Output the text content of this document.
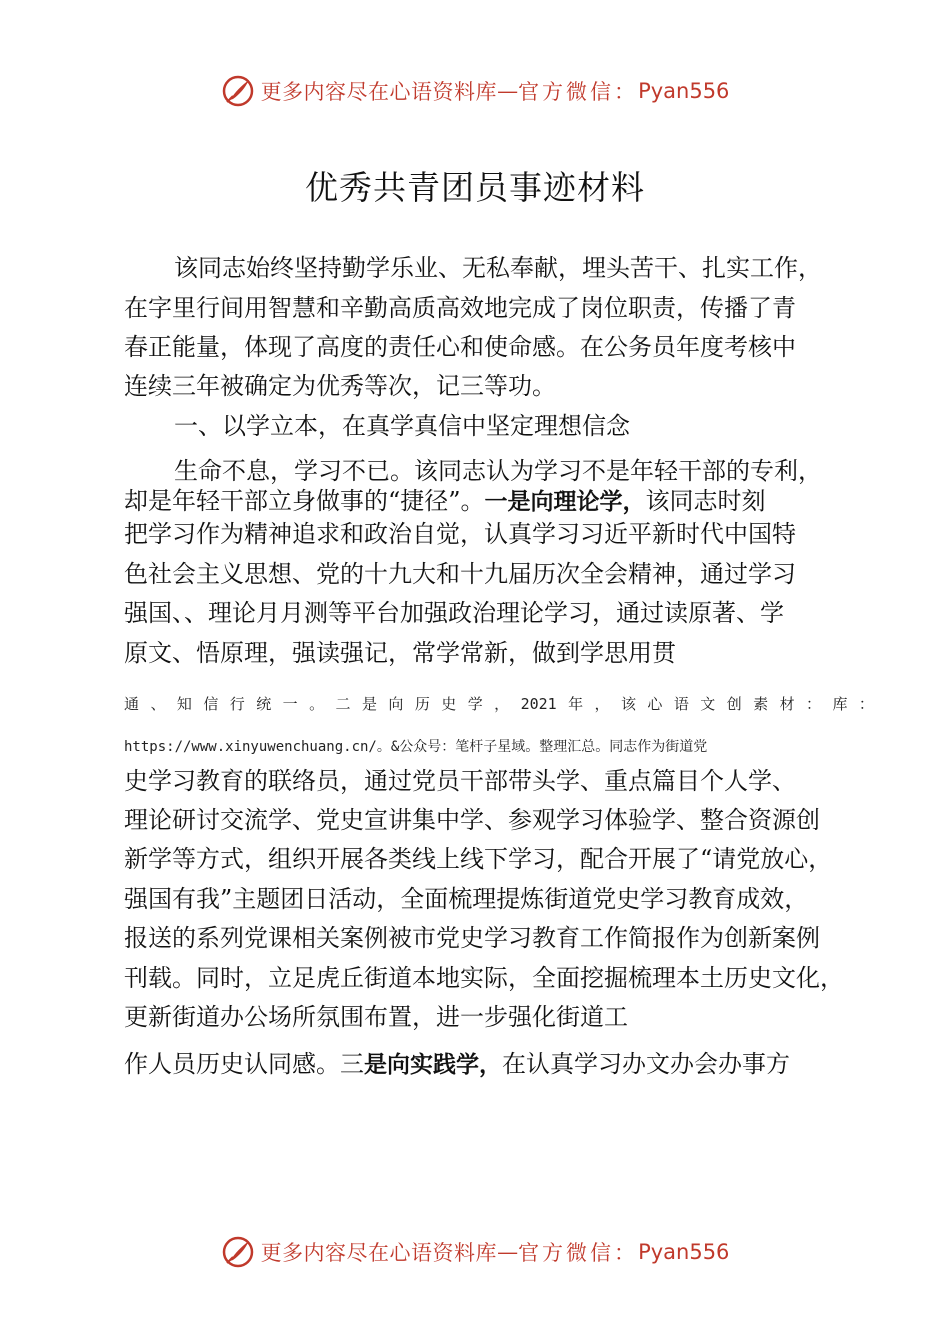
更多内容尽在心语资料库 — 官方微信： Pyan556
优秀共青团员事迹材料
该同志始终坚持勤学乐业、无私奉献，埋头苦干、扎实工作，
在字里行间用智慧和辛勤高质高效地完成了岗位职责，传播了青
春正能量，体现了高度的责任心和使命感。在公务员年度考核中
连续三年被确定为优秀等次，记三等功。
一、以学立本，在真学真信中坚定理想信念
生命不息，学习不已。该同志认为学习不是年轻干部的专利，
却是年轻干部立身做事的“捷径”。一是向理论学，该同志时刻
把学习作为精神追求和政治自觉，认真学习习近平新时代中国特
色社会主义思想、党的十九大和十九届历次全会精神，通过学习
强国、、理论月月测等平台加强政治理论学习，通过读原著、学
原文、悟原理，强读强记，常学常新，做到学思用贯
通 、 知 信 行 统 一 。 二 是 向 历 史 学 ， 2021 年 ， 该 心 语 文 创 素 材 ： 库 ：
https://www.xinyuwenchuang.cn/。&公众号：笔杆子星域。整理汇总。同志作为街道党
史学习教育的联络员，通过党员干部带头学、重点篇目个人学、
理论研讨交流学、党史宣讲集中学、参观学习体验学、整合资源创
新学等方式，组织开展各类线上线下学习，配合开展了“请党放心，
强国有我”主题团日活动，全面梳理提炼街道党史学习教育成效，
报送的系列党课相关案例被市党史学习教育工作简报作为创新案例
刊载。同时，立足虎丘街道本地实际，全面挖掘梳理本土历史文化，
更新街道办公场所氛围布置，进一步强化街道工
作人员历史认同感。三是向实践学，在认真学习办文办会办事方
更多内容尽在心语资料库 — 官方微信： Pyan556
